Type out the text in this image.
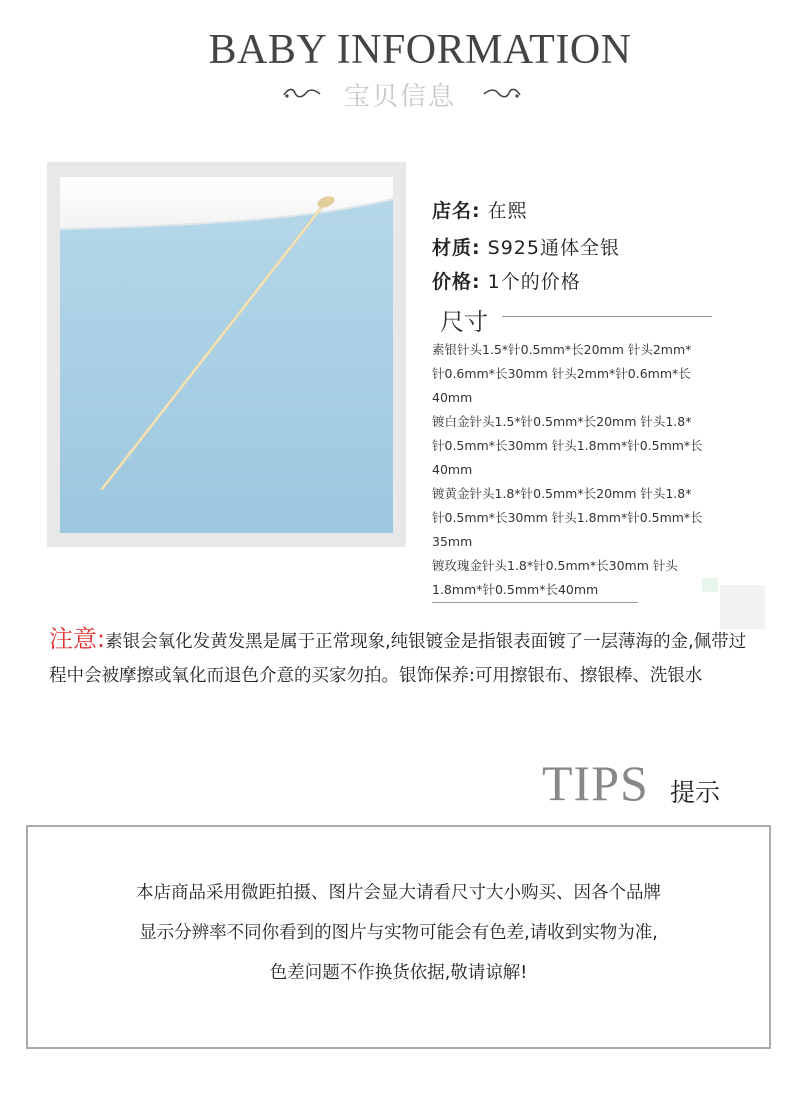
BABY INFORMATION
宝贝信息
店名: 在熙
材质: S925通体全银
价格: 1个的价格
尺寸
素银针头1.5*针0.5mm*长20mm 针头2mm*
针0.6mm*长30mm 针头2mm*针0.6mm*长
40mm
镀白金针头1.5*针0.5mm*长20mm 针头1.8*
针0.5mm*长30mm 针头1.8mm*针0.5mm*长
40mm
镀黄金针头1.8*针0.5mm*长20mm 针头1.8*
针0.5mm*长30mm 针头1.8mm*针0.5mm*长
35mm
镀玫瑰金针头1.8*针0.5mm*长30mm 针头
1.8mm*针0.5mm*长40mm
注意:素银会氧化发黄发黑是属于正常现象,纯银镀金是指银表面镀了一层薄海的金,佩带过程中会被摩擦或氧化而退色介意的买家勿拍。银饰保养:可用擦银布、擦银棒、洗银水
TIPS 提示
本店商品采用微距拍摄、图片会显大请看尺寸大小购买、因各个品牌
显示分辨率不同你看到的图片与实物可能会有色差,请收到实物为准,
色差问题不作换货依据,敬请谅解!
